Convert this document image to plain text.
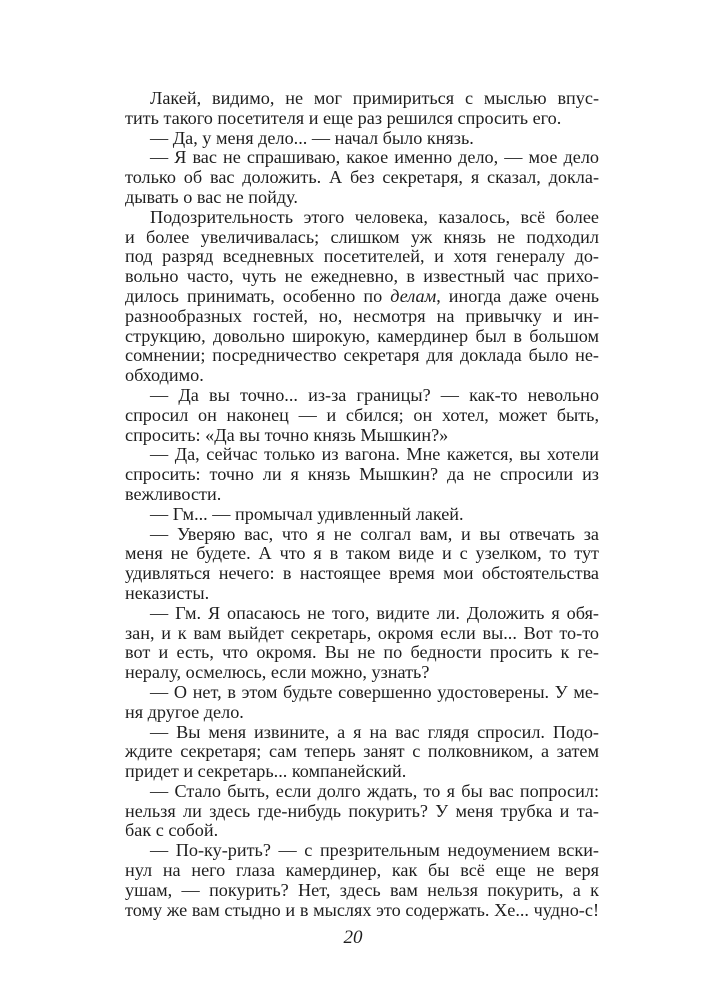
Лакей, видимо, не мог примириться с мыслью впус-
тить такого посетителя и еще раз решился спросить его.
— Да, у меня дело... — начал было князь.
— Я вас не спрашиваю, какое именно дело, — мое дело
только об вас доложить. А без секретаря, я сказал, докла-
дывать о вас не пойду.
Подозрительность этого человека, казалось, всё более
и более увеличивалась; слишком уж князь не подходил
под разряд вседневных посетителей, и хотя генералу до-
вольно часто, чуть не ежедневно, в известный час прихо-
дилось принимать, особенно по делам, иногда даже очень
разнообразных гостей, но, несмотря на привычку и ин-
струкцию, довольно широкую, камердинер был в большом
сомнении; посредничество секретаря для доклада было не-
обходимо.
— Да вы точно... из-за границы? — как-то невольно
спросил он наконец — и сбился; он хотел, может быть,
спросить: «Да вы точно князь Мышкин?»
— Да, сейчас только из вагона. Мне кажется, вы хотели
спросить: точно ли я князь Мышкин? да не спросили из
вежливости.
— Гм... — промычал удивленный лакей.
— Уверяю вас, что я не солгал вам, и вы отвечать за
меня не будете. А что я в таком виде и с узелком, то тут
удивляться нечего: в настоящее время мои обстоятельства
неказисты.
— Гм. Я опасаюсь не того, видите ли. Доложить я обя-
зан, и к вам выйдет секретарь, окромя если вы... Вот то-то
вот и есть, что окромя. Вы не по бедности просить к ге-
нералу, осмелюсь, если можно, узнать?
— О нет, в этом будьте совершенно удостоверены. У ме-
ня другое дело.
— Вы меня извините, а я на вас глядя спросил. Подо-
ждите секретаря; сам теперь занят с полковником, а затем
придет и секретарь... компанейский.
— Стало быть, если долго ждать, то я бы вас попросил:
нельзя ли здесь где-нибудь покурить? У меня трубка и та-
бак с собой.
— По-ку-рить? — с презрительным недоумением вски-
нул на него глаза камердинер, как бы всё еще не веря
ушам, — покурить? Нет, здесь вам нельзя покурить, а к
тому же вам стыдно и в мыслях это содержать. Хе... чудно-с!
20
